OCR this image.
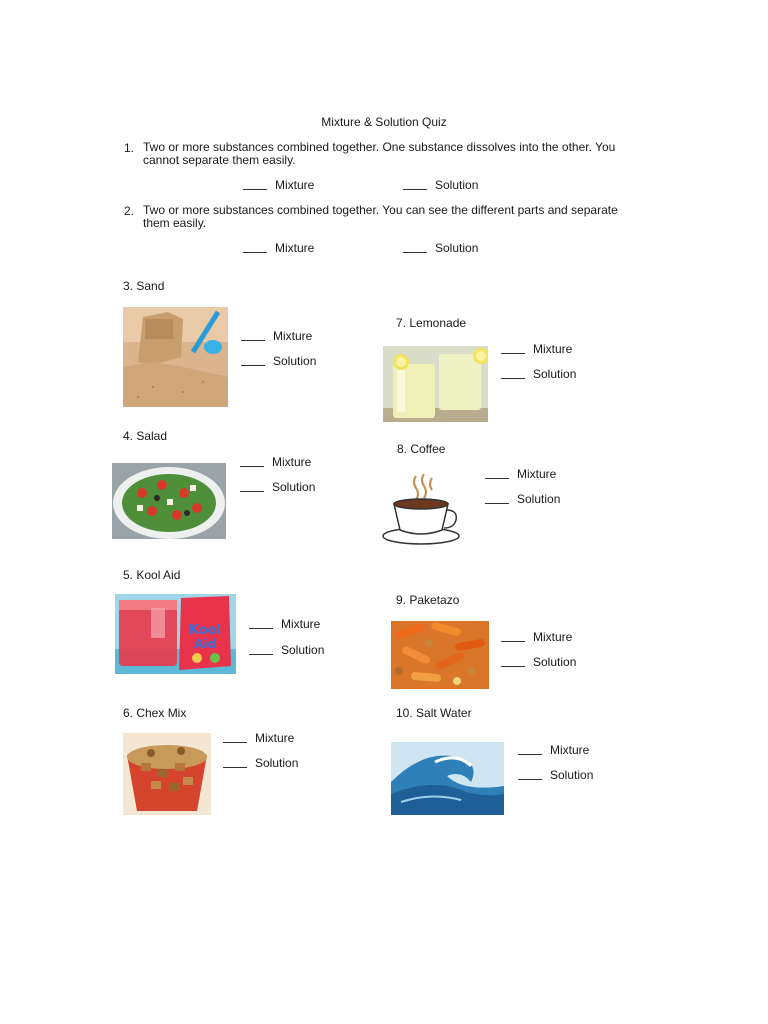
Mixture & Solution Quiz
1. Two or more substances combined together. One substance dissolves into the other. You cannot separate them easily.
Mixture	Solution
2. Two or more substances combined together. You can see the different parts and separate them easily.
Mixture	Solution
3. Sand
Mixture
Solution
4. Salad
Mixture
Solution
5. Kool Aid
Kool
Aid
Mixture
Solution
6. Chex Mix
Mixture
Solution
7. Lemonade
Mixture
Solution
8. Coffee
Mixture
Solution
9. Paketazo
Mixture
Solution
10. Salt Water
Mixture
Solution
